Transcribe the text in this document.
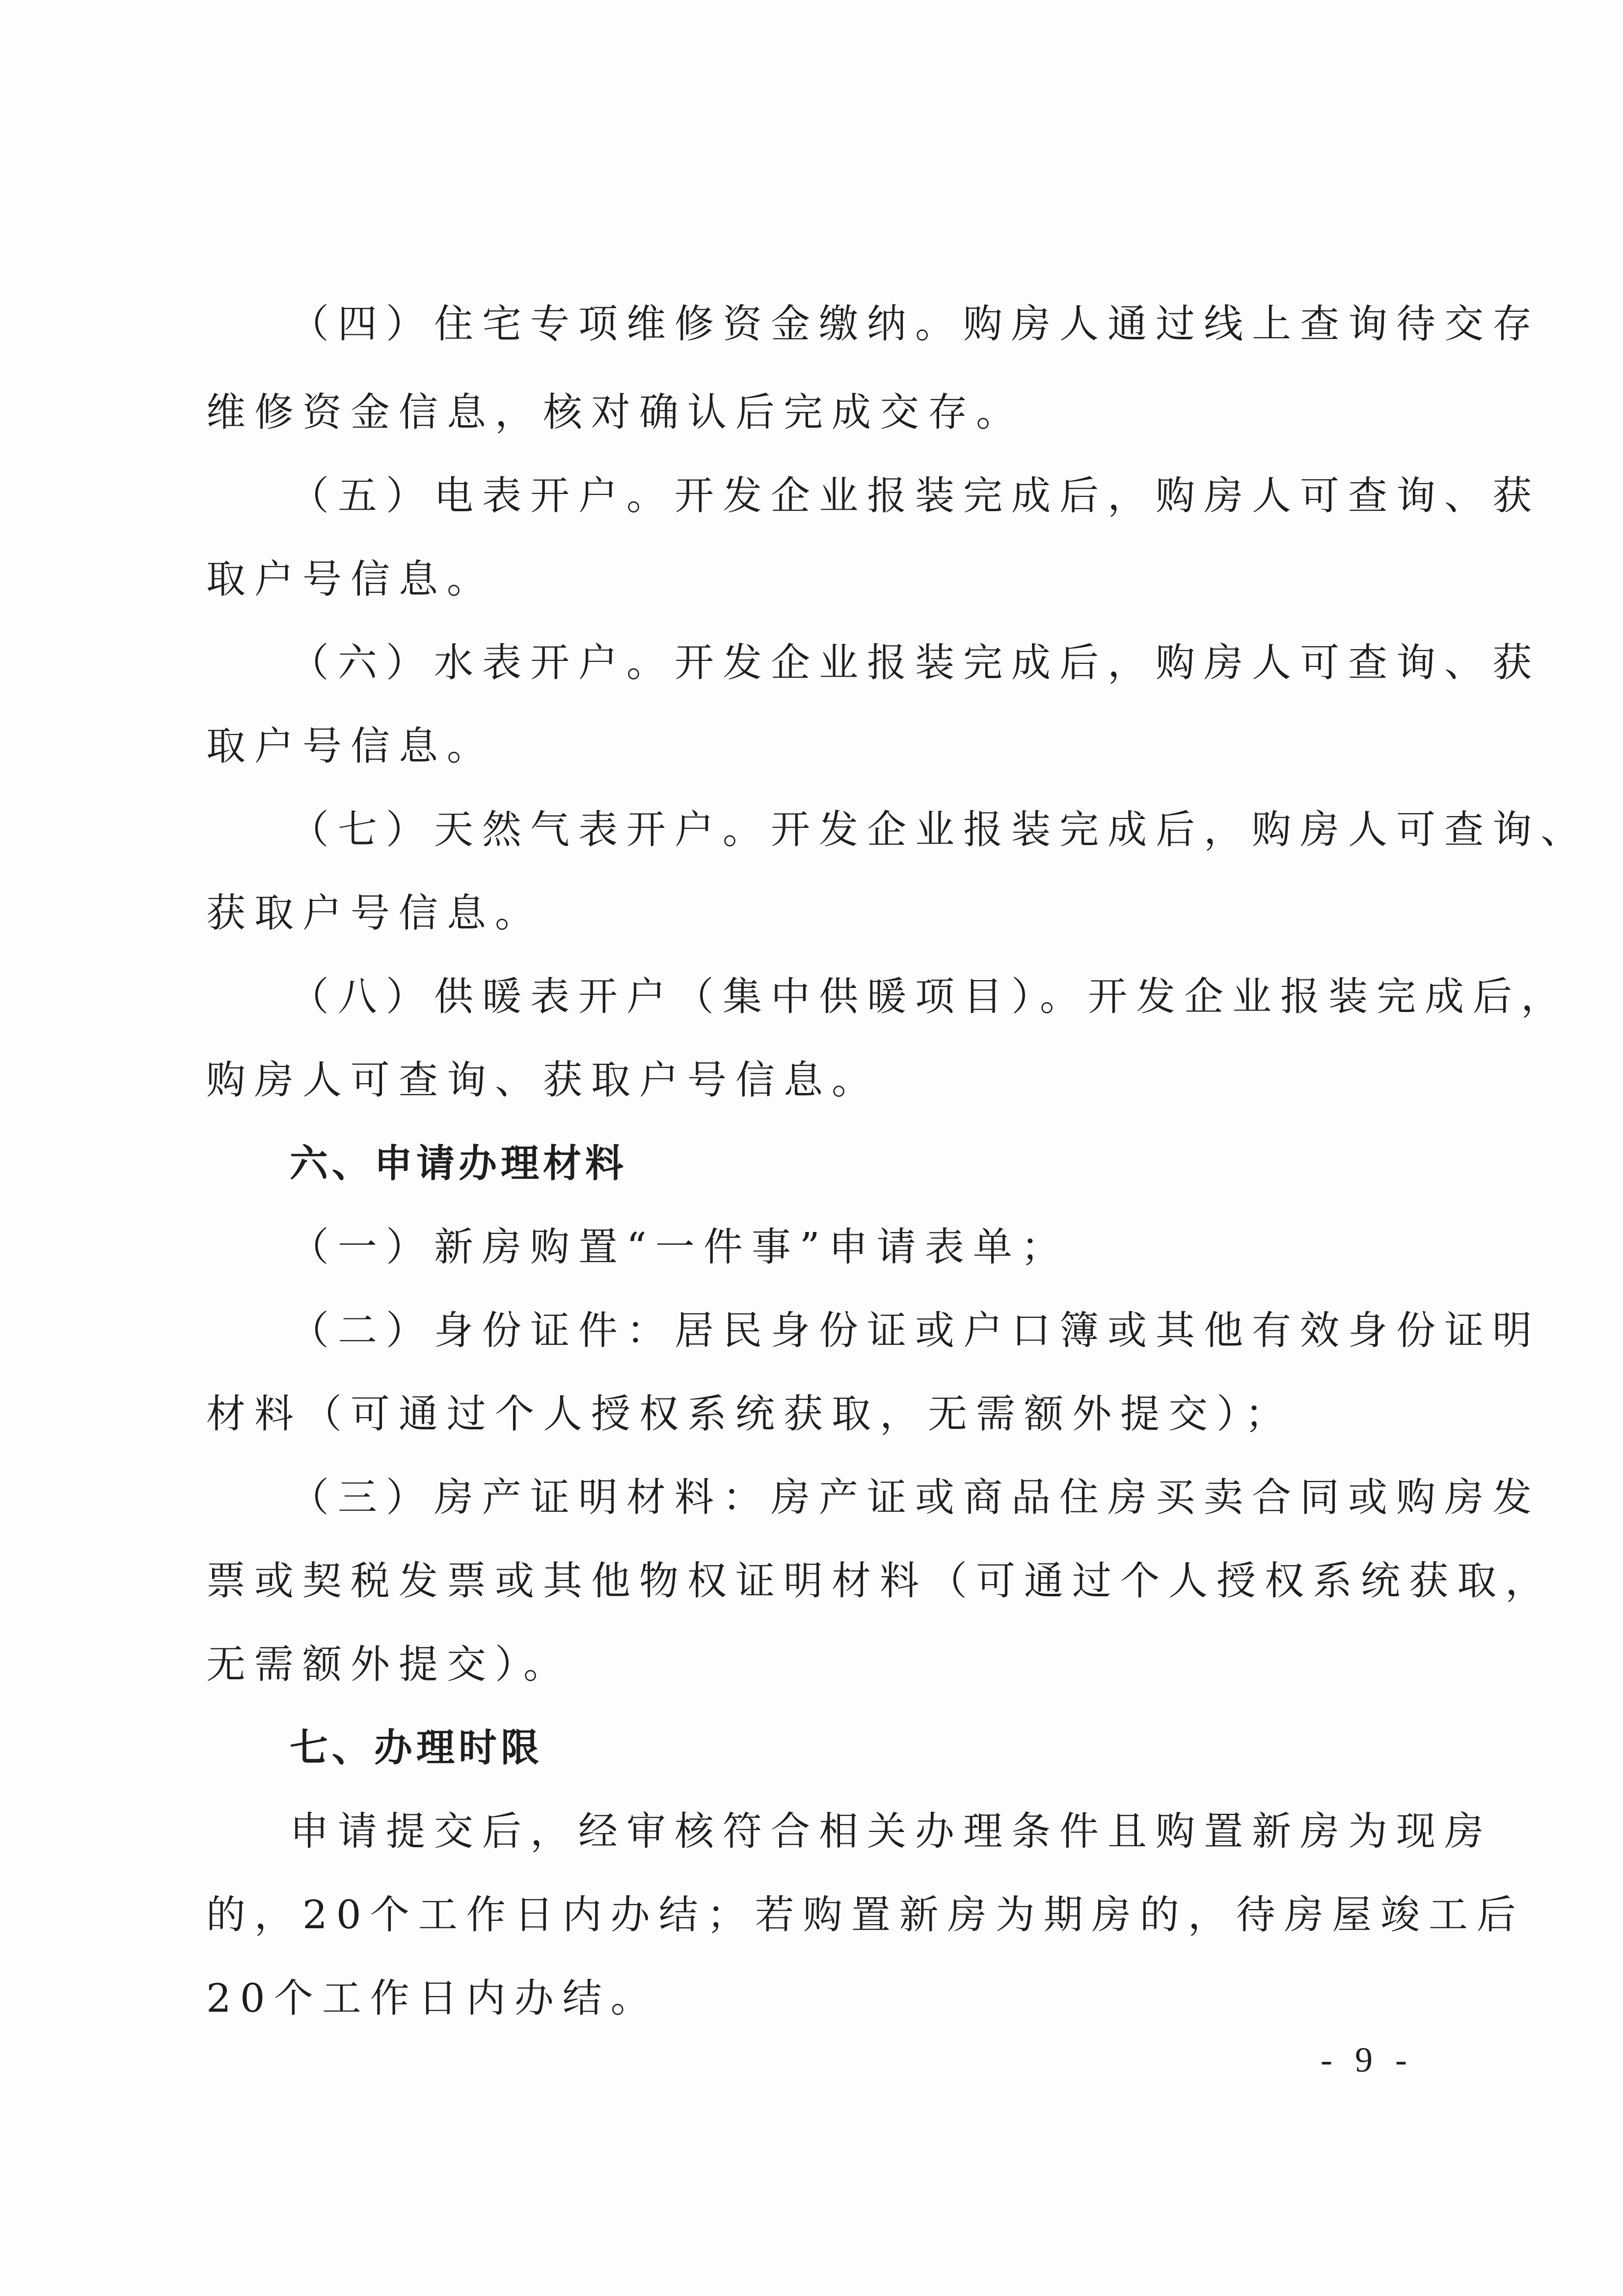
（四）住宅专项维修资金缴纳。购房人通过线上查询待交存
维修资金信息，核对确认后完成交存。
（五）电表开户。开发企业报装完成后，购房人可查询、获
取户号信息。
（六）水表开户。开发企业报装完成后，购房人可查询、获
取户号信息。
（七）天然气表开户。开发企业报装完成后，购房人可查询、
获取户号信息。
（八）供暖表开户（集中供暖项目）。开发企业报装完成后，
购房人可查询、获取户号信息。
六、申请办理材料
（一）新房购置“一件事”申请表单；
（二）身份证件：居民身份证或户口簿或其他有效身份证明
材料（可通过个人授权系统获取，无需额外提交）；
（三）房产证明材料：房产证或商品住房买卖合同或购房发
票或契税发票或其他物权证明材料（可通过个人授权系统获取，
无需额外提交）。
七、办理时限
申请提交后，经审核符合相关办理条件且购置新房为现房
的，20个工作日内办结；若购置新房为期房的，待房屋竣工后
20个工作日内办结。
- 9 -
